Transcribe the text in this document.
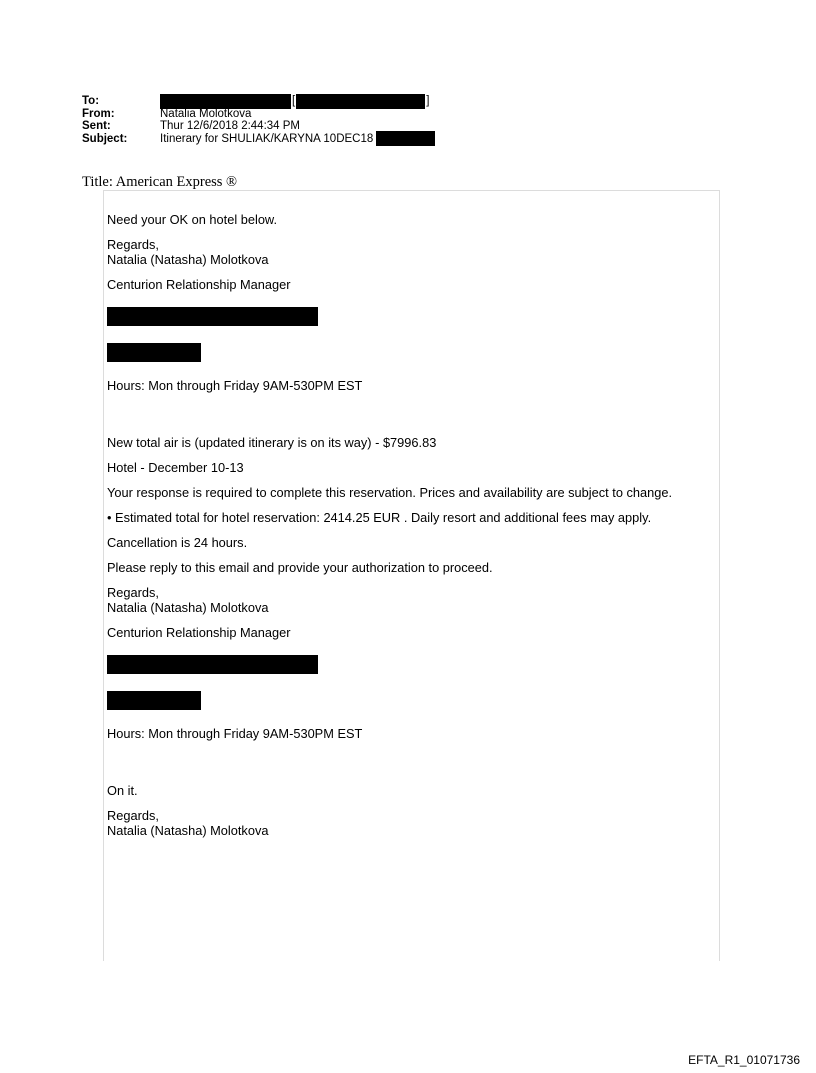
To:	[	]
From:	Natalia Molotkova
Sent:	Thur 12/6/2018 2:44:34 PM
Subject:	Itinerary for SHULIAK/KARYNA 10DEC18
Title: American Express ®

Need your OK on hotel below.

Regards,

Natalia (Natasha) Molotkova

Centurion Relationship Manager

Hours: Mon through Friday 9AM-530PM EST

New total air is (updated itinerary is on its way) - $7996.83

Hotel - December 10-13

Your response is required to complete this reservation. Prices and availability are subject to change.

• Estimated total for hotel reservation: 2414.25 EUR . Daily resort and additional fees may apply.

Cancellation is 24 hours.

Please reply to this email and provide your authorization to proceed.

Regards,

Natalia (Natasha) Molotkova

Centurion Relationship Manager

Hours: Mon through Friday 9AM-530PM EST

On it.

Regards,

Natalia (Natasha) Molotkova

EFTA_R1_01071736
